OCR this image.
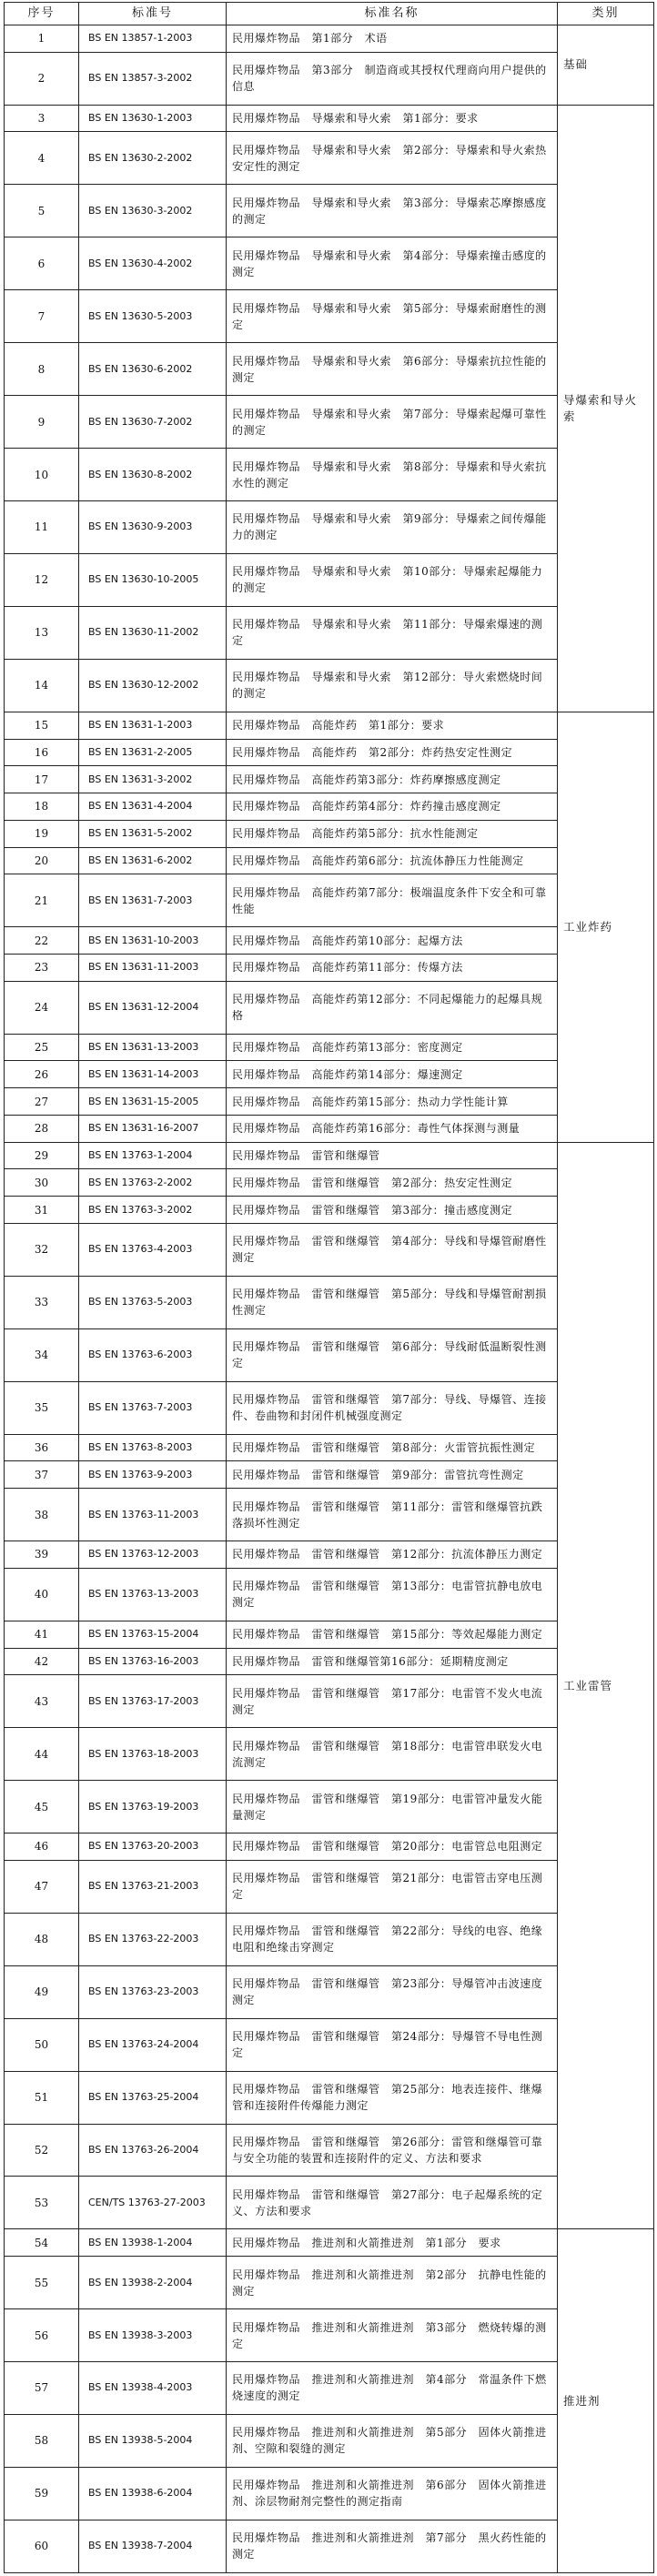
序号	标准号	标准名称	类别
1	BS EN 13857-1-2003	民用爆炸物品　第1部分　术语	基础
2	BS EN 13857-3-2002	民用爆炸物品　第3部分　制造商或其授权代理商向用户提供的信息	
3	BS EN 13630-1-2003	民用爆炸物品　导爆索和导火索　第1部分：要求	导爆索和导火索
4	BS EN 13630-2-2002	民用爆炸物品　导爆索和导火索　第2部分：导爆索和导火索热安定性的测定	
5	BS EN 13630-3-2002	民用爆炸物品　导爆索和导火索　第3部分：导爆索芯摩擦感度的测定	
6	BS EN 13630-4-2002	民用爆炸物品　导爆索和导火索　第4部分：导爆索撞击感度的测定	
7	BS EN 13630-5-2003	民用爆炸物品　导爆索和导火索　第5部分：导爆索耐磨性的测定	
8	BS EN 13630-6-2002	民用爆炸物品　导爆索和导火索　第6部分：导爆索抗拉性能的测定	
9	BS EN 13630-7-2002	民用爆炸物品　导爆索和导火索　第7部分：导爆索起爆可靠性的测定	
10	BS EN 13630-8-2002	民用爆炸物品　导爆索和导火索　第8部分：导爆索和导火索抗水性的测定	
11	BS EN 13630-9-2003	民用爆炸物品　导爆索和导火索　第9部分：导爆索之间传爆能力的测定	
12	BS EN 13630-10-2005	民用爆炸物品　导爆索和导火索　第10部分：导爆索起爆能力的测定	
13	BS EN 13630-11-2002	民用爆炸物品　导爆索和导火索　第11部分：导爆索爆速的测定	
14	BS EN 13630-12-2002	民用爆炸物品　导爆索和导火索　第12部分：导火索燃烧时间的测定	
15	BS EN 13631-1-2003	民用爆炸物品　高能炸药　第1部分：要求	工业炸药
16	BS EN 13631-2-2005	民用爆炸物品　高能炸药　第2部分：炸药热安定性测定	
17	BS EN 13631-3-2002	民用爆炸物品　高能炸药第3部分：炸药摩擦感度测定	
18	BS EN 13631-4-2004	民用爆炸物品　高能炸药第4部分：炸药撞击感度测定	
19	BS EN 13631-5-2002	民用爆炸物品　高能炸药第5部分：抗水性能测定	
20	BS EN 13631-6-2002	民用爆炸物品　高能炸药第6部分：抗流体静压力性能测定	
21	BS EN 13631-7-2003	民用爆炸物品　高能炸药第7部分：极端温度条件下安全和可靠性能	
22	BS EN 13631-10-2003	民用爆炸物品　高能炸药第10部分：起爆方法	
23	BS EN 13631-11-2003	民用爆炸物品　高能炸药第11部分：传爆方法	
24	BS EN 13631-12-2004	民用爆炸物品　高能炸药第12部分：不同起爆能力的起爆具规格	
25	BS EN 13631-13-2003	民用爆炸物品　高能炸药第13部分：密度测定	
26	BS EN 13631-14-2003	民用爆炸物品　高能炸药第14部分：爆速测定	
27	BS EN 13631-15-2005	民用爆炸物品　高能炸药第15部分：热动力学性能计算	
28	BS EN 13631-16-2007	民用爆炸物品　高能炸药第16部分：毒性气体探测与测量	
29	BS EN 13763-1-2004	民用爆炸物品　雷管和继爆管	工业雷管
30	BS EN 13763-2-2002	民用爆炸物品　雷管和继爆管　第2部分：热安定性测定	
31	BS EN 13763-3-2002	民用爆炸物品　雷管和继爆管　第3部分：撞击感度测定	
32	BS EN 13763-4-2003	民用爆炸物品　雷管和继爆管　第4部分：导线和导爆管耐磨性测定	
33	BS EN 13763-5-2003	民用爆炸物品　雷管和继爆管　第5部分：导线和导爆管耐割损性测定	
34	BS EN 13763-6-2003	民用爆炸物品　雷管和继爆管　第6部分：导线耐低温断裂性测定	
35	BS EN 13763-7-2003	民用爆炸物品　雷管和继爆管　第7部分：导线、导爆管、连接件、卷曲物和封闭件机械强度测定	
36	BS EN 13763-8-2003	民用爆炸物品　雷管和继爆管　第8部分：火雷管抗振性测定	
37	BS EN 13763-9-2003	民用爆炸物品　雷管和继爆管　第9部分：雷管抗弯性测定	
38	BS EN 13763-11-2003	民用爆炸物品　雷管和继爆管　第11部分：雷管和继爆管抗跌落损坏性测定	
39	BS EN 13763-12-2003	民用爆炸物品　雷管和继爆管　第12部分：抗流体静压力测定	
40	BS EN 13763-13-2003	民用爆炸物品　雷管和继爆管　第13部分：电雷管抗静电放电测定	
41	BS EN 13763-15-2004	民用爆炸物品　雷管和继爆管　第15部分：等效起爆能力测定	
42	BS EN 13763-16-2003	民用爆炸物品　雷管和继爆管第16部分：延期精度测定	
43	BS EN 13763-17-2003	民用爆炸物品　雷管和继爆管　第17部分：电雷管不发火电流测定	
44	BS EN 13763-18-2003	民用爆炸物品　雷管和继爆管　第18部分：电雷管串联发火电流测定	
45	BS EN 13763-19-2003	民用爆炸物品　雷管和继爆管　第19部分：电雷管冲量发火能量测定	
46	BS EN 13763-20-2003	民用爆炸物品　雷管和继爆管　第20部分：电雷管总电阻测定	
47	BS EN 13763-21-2003	民用爆炸物品　雷管和继爆管　第21部分：电雷管击穿电压测定	
48	BS EN 13763-22-2003	民用爆炸物品　雷管和继爆管　第22部分：导线的电容、绝缘电阻和绝缘击穿测定	
49	BS EN 13763-23-2003	民用爆炸物品　雷管和继爆管　第23部分：导爆管冲击波速度测定	
50	BS EN 13763-24-2004	民用爆炸物品　雷管和继爆管　第24部分：导爆管不导电性测定	
51	BS EN 13763-25-2004	民用爆炸物品　雷管和继爆管　第25部分：地表连接件、继爆管和连接附件传爆能力测定	
52	BS EN 13763-26-2004	民用爆炸物品　雷管和继爆管　第26部分：雷管和继爆管可靠与安全功能的装置和连接附件的定义、方法和要求	
53	CEN/TS 13763-27-2003	民用爆炸物品　雷管和继爆管　第27部分：电子起爆系统的定义、方法和要求	
54	BS EN 13938-1-2004	民用爆炸物品　推进剂和火箭推进剂　第1部分　要求	推进剂
55	BS EN 13938-2-2004	民用爆炸物品　推进剂和火箭推进剂　第2部分　抗静电性能的测定	
56	BS EN 13938-3-2003	民用爆炸物品　推进剂和火箭推进剂　第3部分　燃烧转爆的测定	
57	BS EN 13938-4-2003	民用爆炸物品　推进剂和火箭推进剂　第4部分　常温条件下燃烧速度的测定	
58	BS EN 13938-5-2004	民用爆炸物品　推进剂和火箭推进剂　第5部分　固体火箭推进剂、空隙和裂缝的测定	
59	BS EN 13938-6-2004	民用爆炸物品　推进剂和火箭推进剂　第6部分　固体火箭推进剂、涂层物耐剂完整性的测定指南	
60	BS EN 13938-7-2004	民用爆炸物品　推进剂和火箭推进剂　第7部分　黑火药性能的测定	
